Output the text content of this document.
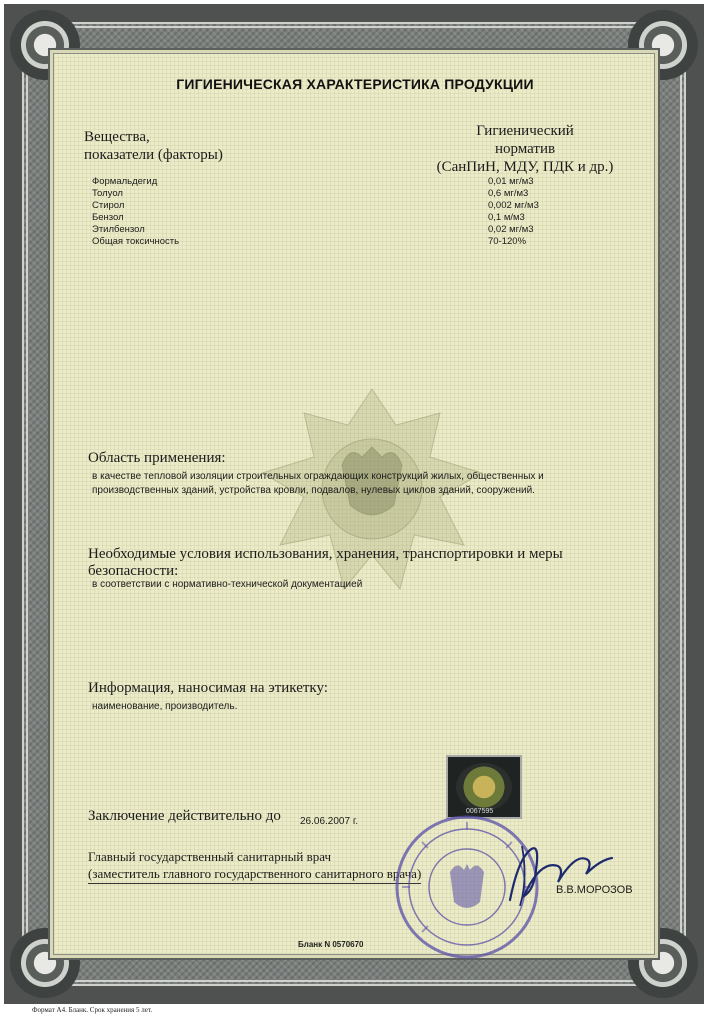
ГИГИЕНИЧЕСКАЯ ХАРАКТЕРИСТИКА ПРОДУКЦИИ
Вещества,
показатели (факторы)
Гигиенический
норматив
(СанПиН, МДУ, ПДК и др.)
Формальдегид	0,01 мг/м3
Толуол	0,6 мг/м3
Стирол	0,002 мг/м3
Бензол	0,1 м/м3
Этилбензол	0,02 мг/м3
Общая токсичность	70-120%
Область применения:
в качестве тепловой изоляции строительных ограждающих конструкций жилых, общественных и
производственных зданий, устройства кровли, подвалов, нулевых циклов зданий, сооружений.
Необходимые условия использования, хранения, транспортировки и меры
безопасности:
в соответствии с нормативно-технической документацией
Информация, наносимая на этикетку:
наименование, производитель.
0067595
Заключение действительно до 26.06.2007 г.
Главный государственный санитарный врач
(заместитель главного государственного санитарного врача)
В.В.МОРОЗОВ
Бланк N 0570670
Формат А4. Бланк. Срок хранения 5 лет.
